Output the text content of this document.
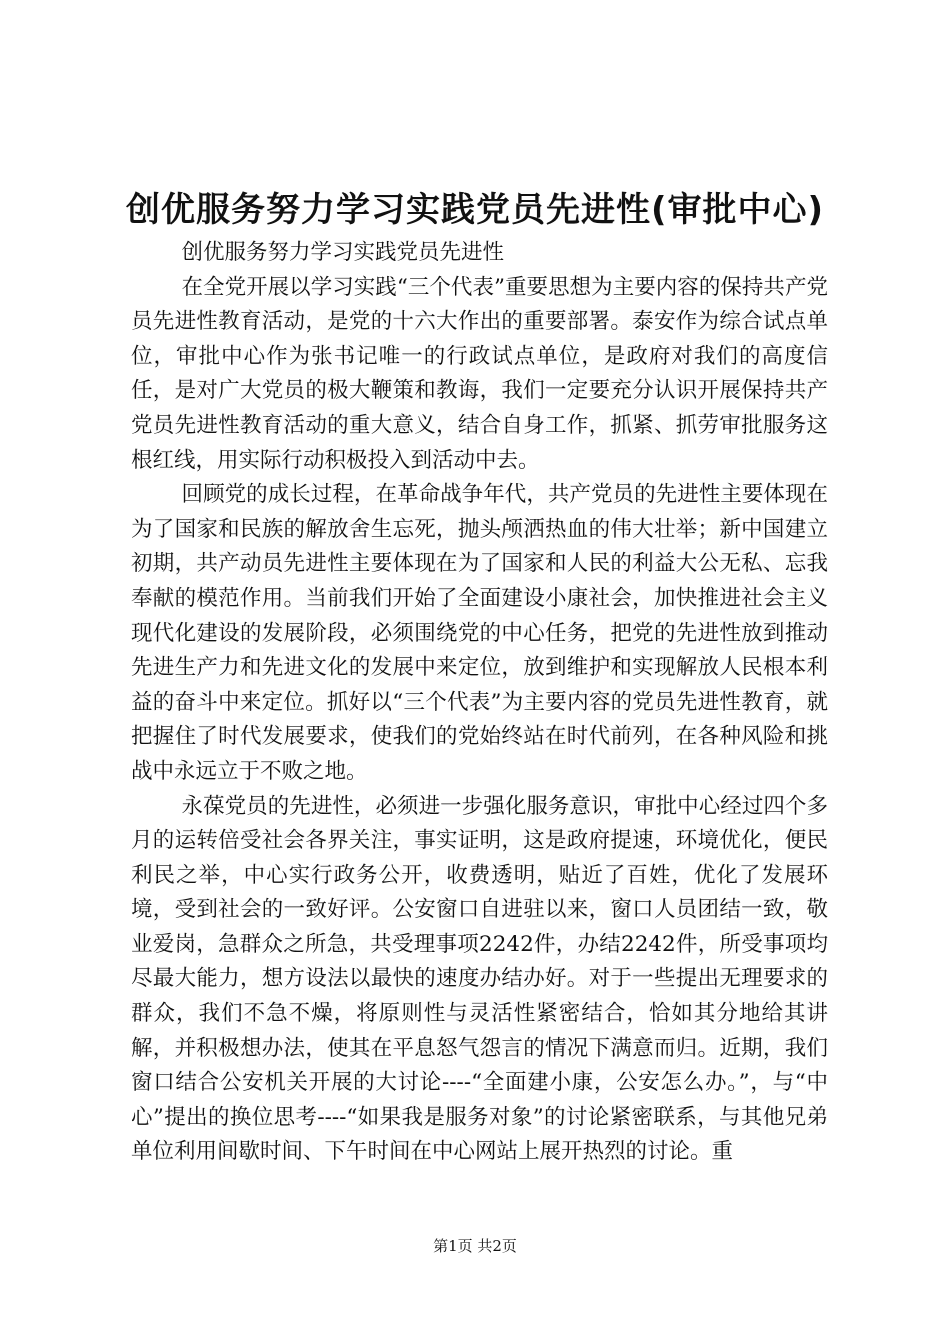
创优服务努力学习实践党员先进性(审批中心)

创优服务努力学习实践党员先进性

在全党开展以学习实践“三个代表”重要思想为主要内容的保持共产党员先进性教育活动，是党的十六大作出的重要部署。泰安作为综合试点单位，审批中心作为张书记唯一的行政试点单位，是政府对我们的高度信任，是对广大党员的极大鞭策和教诲，我们一定要充分认识开展保持共产党员先进性教育活动的重大意义，结合自身工作，抓紧、抓劳审批服务这根红线，用实际行动积极投入到活动中去。

回顾党的成长过程，在革命战争年代，共产党员的先进性主要体现在为了国家和民族的解放舍生忘死，抛头颅洒热血的伟大壮举；新中国建立初期，共产动员先进性主要体现在为了国家和人民的利益大公无私、忘我奉献的模范作用。当前我们开始了全面建设小康社会，加快推进社会主义现代化建设的发展阶段，必须围绕党的中心任务，把党的先进性放到推动先进生产力和先进文化的发展中来定位，放到维护和实现解放人民根本利益的奋斗中来定位。抓好以“三个代表”为主要内容的党员先进性教育，就把握住了时代发展要求，使我们的党始终站在时代前列，在各种风险和挑战中永远立于不败之地。

永葆党员的先进性，必须进一步强化服务意识，审批中心经过四个多月的运转倍受社会各界关注，事实证明，这是政府提速，环境优化，便民利民之举，中心实行政务公开，收费透明，贴近了百姓，优化了发展环境，受到社会的一致好评。公安窗口自进驻以来，窗口人员团结一致，敬业爱岗，急群众之所急，共受理事项2242件，办结2242件，所受事项均尽最大能力，想方设法以最快的速度办结办好。对于一些提出无理要求的群众，我们不急不燥，将原则性与灵活性紧密结合，恰如其分地给其讲解，并积极想办法，使其在平息怒气怨言的情况下满意而归。近期，我们窗口结合公安机关开展的大讨论----“全面建小康，公安怎么办。”，与“中心”提出的换位思考----“如果我是服务对象”的讨论紧密联系，与其他兄弟单位利用间歇时间、下午时间在中心网站上展开热烈的讨论。重

第1页 共2页
